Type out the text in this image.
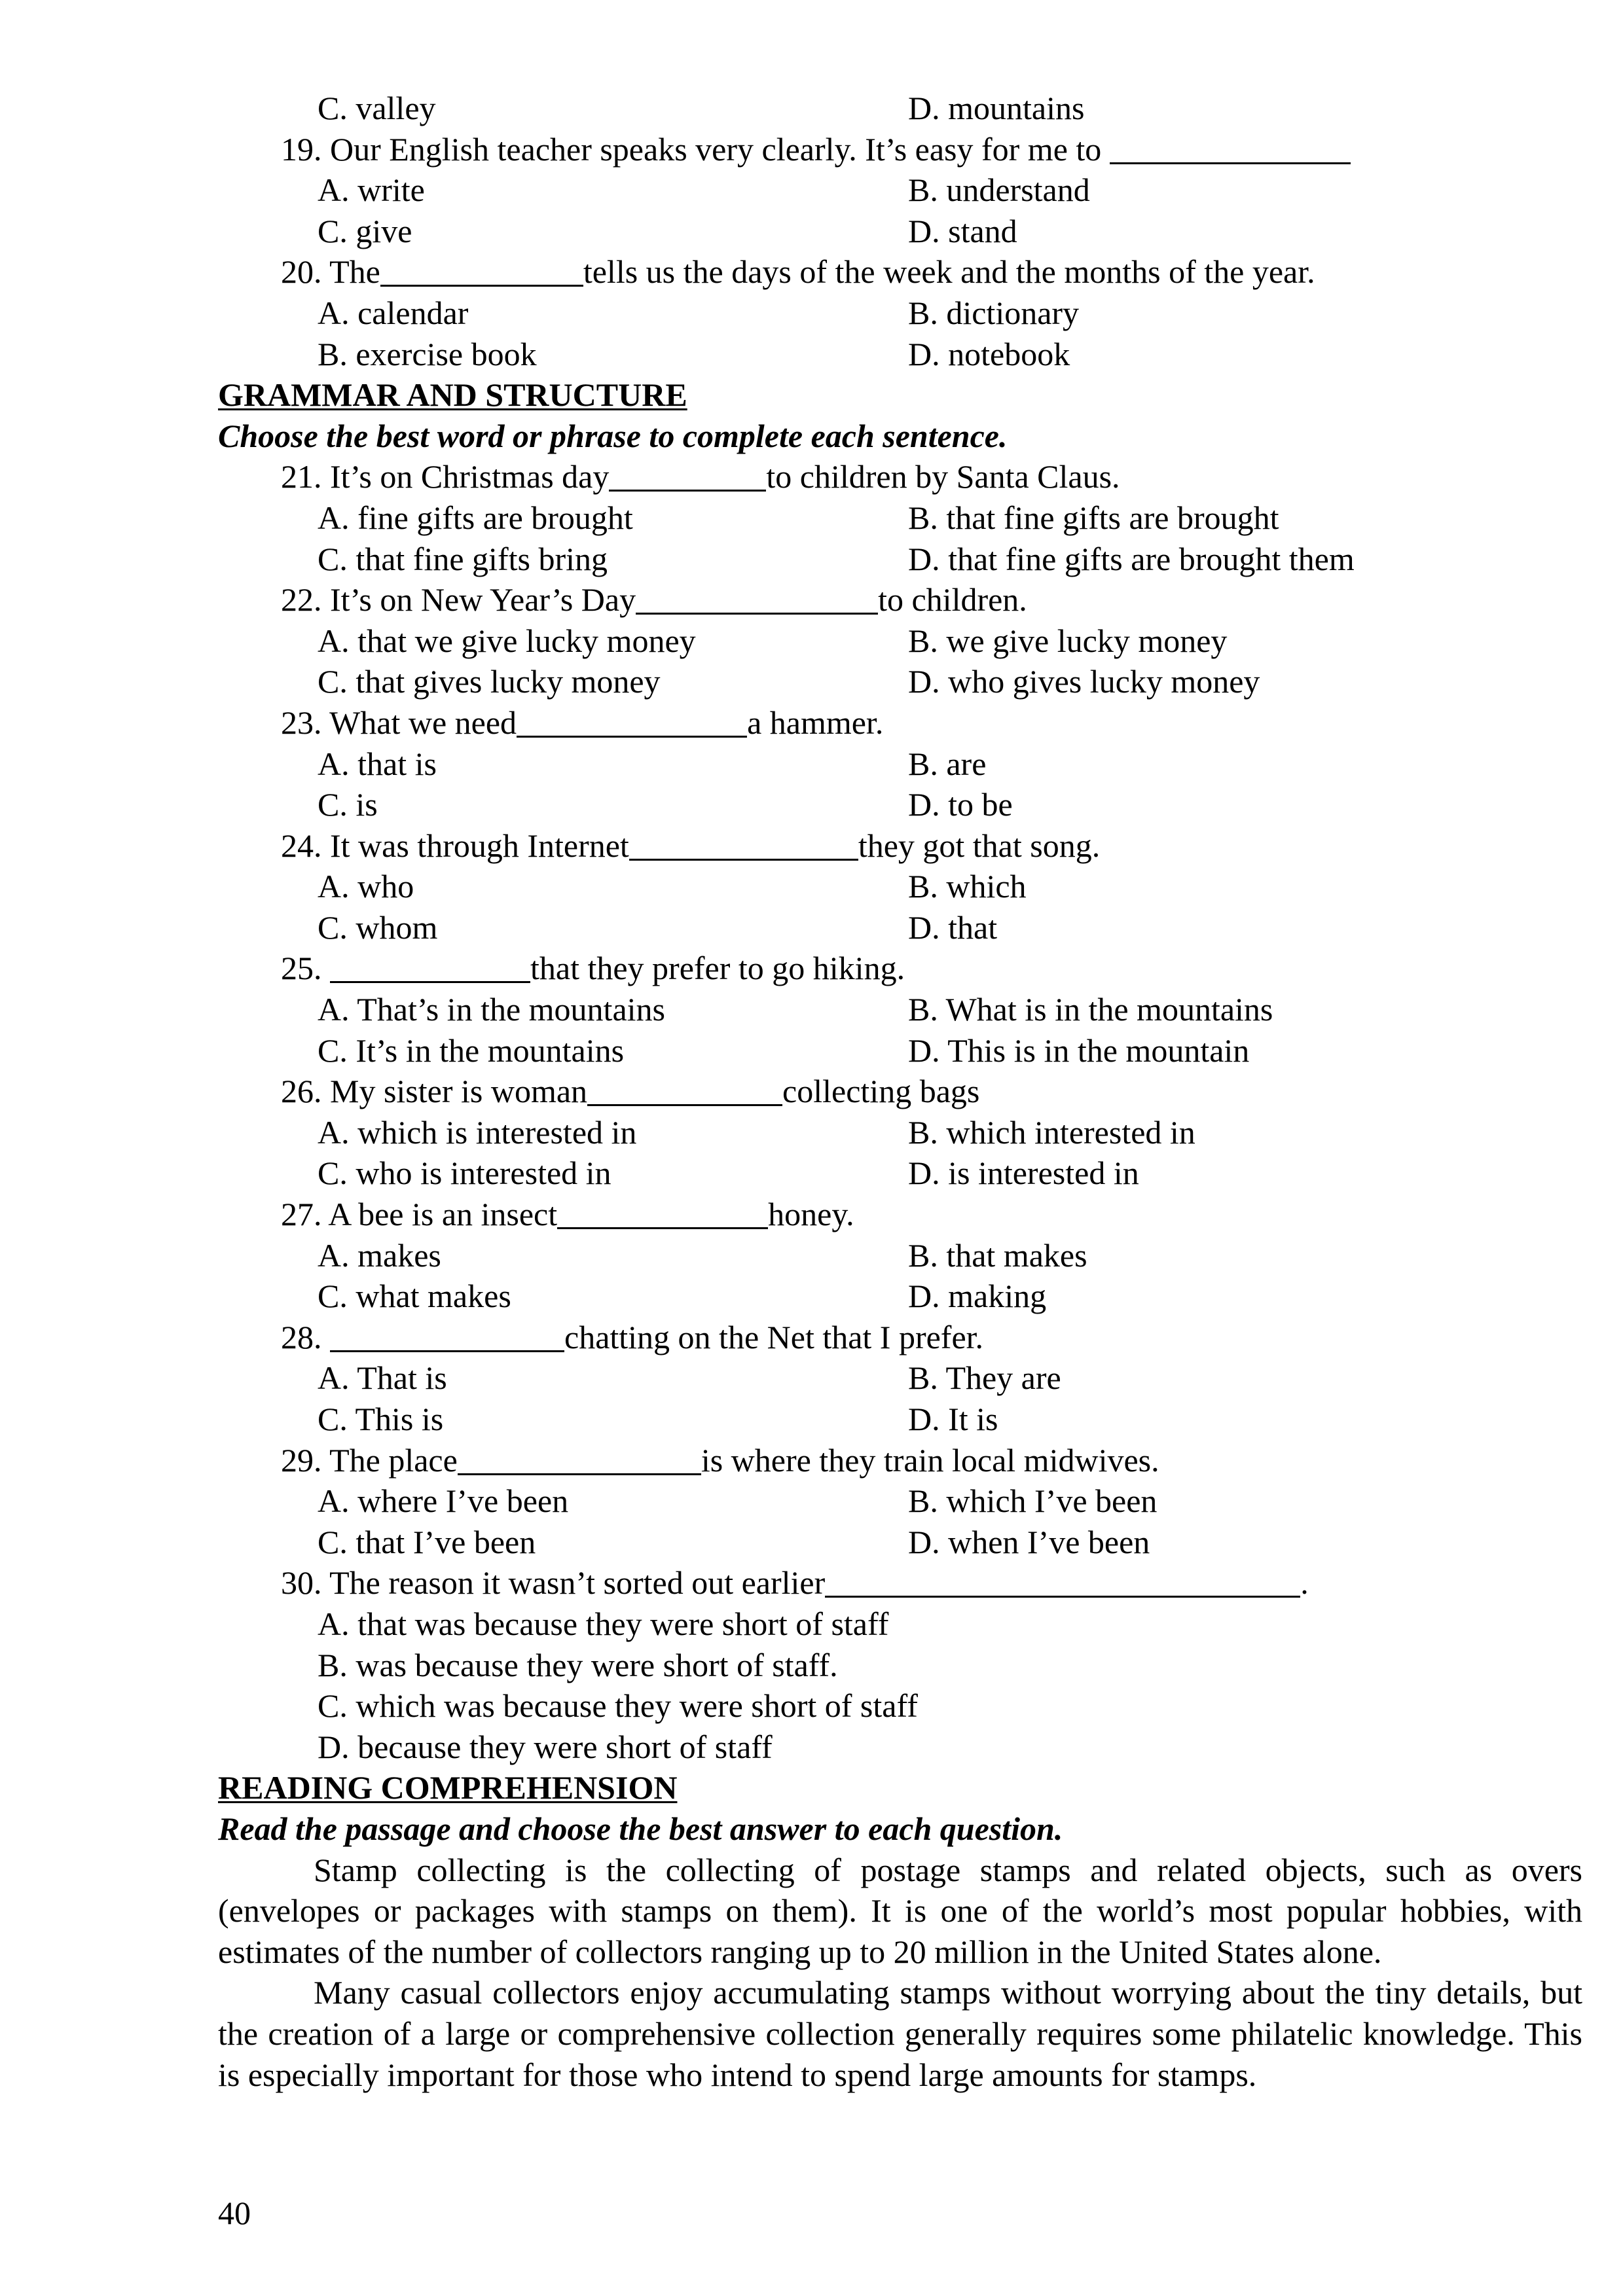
C. valley	D. mountains
19. Our English teacher speaks very clearly. It’s easy for me to
A. write	B. understand
C. give	D. stand
20. The	tells us the days of the week and the months of the year.
A. calendar	B. dictionary
B. exercise book	D. notebook
GRAMMAR AND STRUCTURE
Choose the best word or phrase to complete each sentence.
21. It’s on Christmas day	to children by Santa Claus.
A. fine gifts are brought	B. that fine gifts are brought
C. that fine gifts bring	D. that fine gifts are brought them
22. It’s on New Year’s Day	to children.
A. that we give lucky money	B. we give lucky money
C. that gives lucky money	D. who gives lucky money
23. What we need	a hammer.
A. that is	B. are
C. is	D. to be
24. It was through Internet	they got that song.
A. who	B. which
C. whom	D. that
25.	that they prefer to go hiking.
A. That’s in the mountains	B. What is in the mountains
C. It’s in the mountains	D. This is in the mountain
26. My sister is woman	collecting bags
A. which is interested in	B. which interested in
C. who is interested in	D. is interested in
27. A bee is an insect	honey.
A. makes	B. that makes
C. what makes	D. making
28.	chatting on the Net that I prefer.
A. That is	B. They are
C. This is	D. It is
29. The place	is where they train local midwives.
A. where I’ve been	B. which I’ve been
C. that I’ve been	D. when I’ve been
30. The reason it wasn’t sorted out earlier	.
A. that was because they were short of staff
B. was because they were short of staff.
C. which was because they were short of staff
D. because they were short of staff
READING COMPREHENSION
Read the passage and choose the best answer to each question.

Stamp collecting is the collecting of postage stamps and related objects, such as overs (envelopes or packages with stamps on them). It is one of the world’s most popular hobbies, with estimates of the number of collectors ranging up to 20 million in the United States alone.

Many casual collectors enjoy accumulating stamps without worrying about the tiny details, but the creation of a large or comprehensive collection generally requires some philatelic knowledge. This is especially important for those who intend to spend large amounts for stamps.

40
